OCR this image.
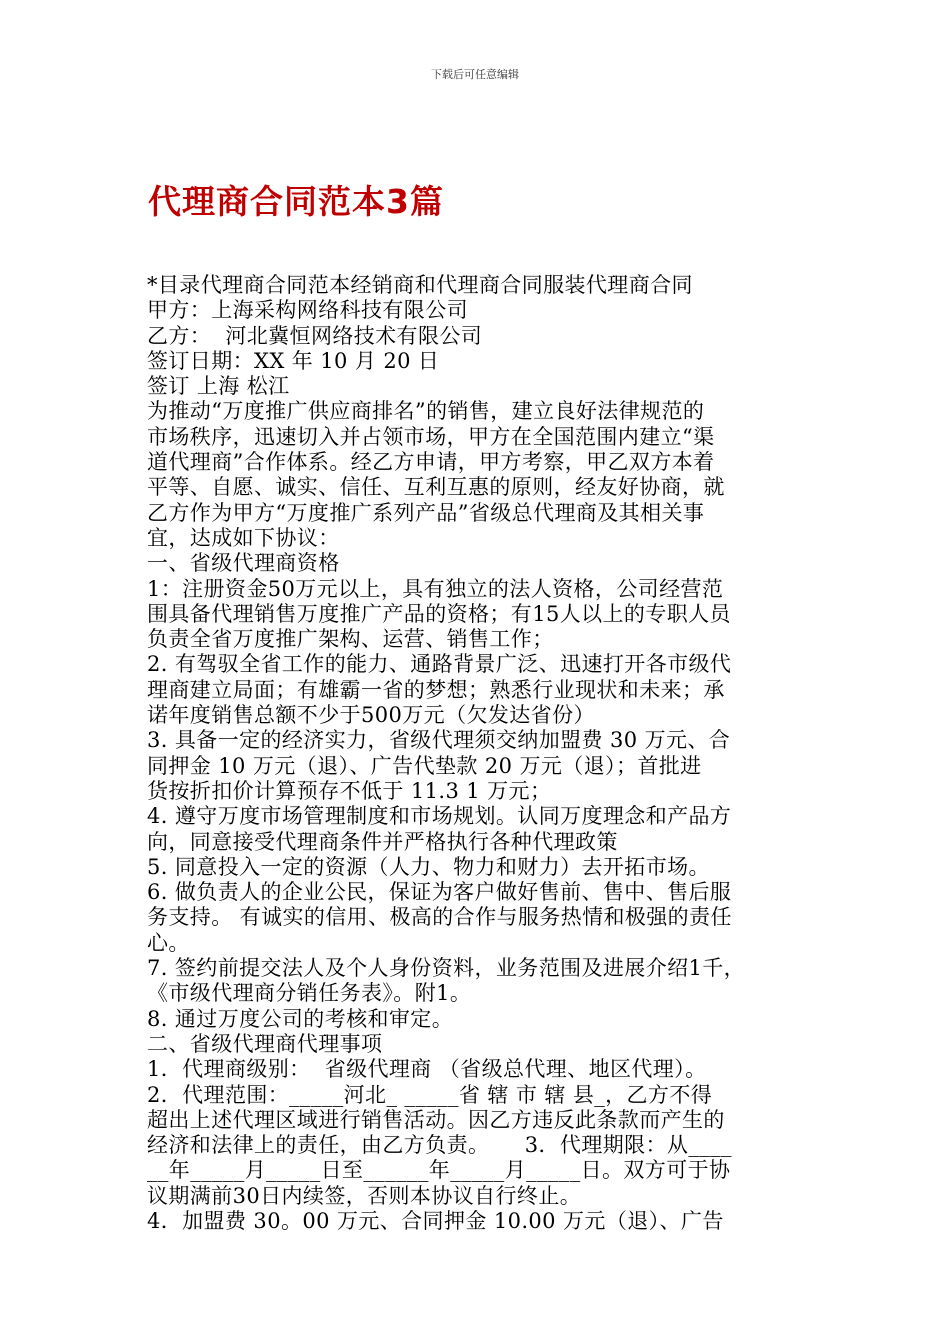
下载后可任意编辑
代理商合同范本3篇
*目录代理商合同范本经销商和代理商合同服装代理商合同
甲方：上海采构网络科技有限公司
乙方：  河北冀恒网络技术有限公司
签订日期：XX 年 10 月 20 日
签订 上海 松江
为推动“万度推广供应商排名”的销售，建立良好法律规范的
市场秩序，迅速切入并占领市场，甲方在全国范围内建立“渠
道代理商”合作体系。经乙方申请，甲方考察，甲乙双方本着
平等、自愿、诚实、信任、互利互惠的原则，经友好协商，就
乙方作为甲方“万度推广系列产品”省级总代理商及其相关事
宜，达成如下协议：
一、省级代理商资格
1：注册资金50万元以上，具有独立的法人资格，公司经营范
围具备代理销售万度推广产品的资格；有15人以上的专职人员
负责全省万度推广架构、运营、销售工作；
2. 有驾驭全省工作的能力、通路背景广泛、迅速打开各市级代
理商建立局面；有雄霸一省的梦想；熟悉行业现状和未来；承
诺年度销售总额不少于500万元（欠发达省份）
3. 具备一定的经济实力，省级代理须交纳加盟费 30 万元、合
同押金 10 万元（退）、广告代垫款 20 万元（退）；首批进
货按折扣价计算预存不低于 11.3 1 万元；
4. 遵守万度市场管理制度和市场规划。认同万度理念和产品方
向，同意接受代理商条件并严格执行各种代理政策
5. 同意投入一定的资源（人力、物力和财力）去开拓市场。
6. 做负责人的企业公民，保证为客户做好售前、售中、售后服
务支持。 有诚实的信用、极高的合作与服务热情和极强的责任
心。
7. 签约前提交法人及个人身份资料，业务范围及进展介绍1千，
《市级代理商分销任务表》。附1。
8. 通过万度公司的考核和审定。
二、省级代理商代理事项
1．代理商级别：  省级代理商 （省级总代理、地区代理）。
2．代理范围：_____河北_ _____省 辖 市 辖 县_，乙方不得
超出上述代理区域进行销售活动。因乙方违反此条款而产生的
经济和法律上的责任，由乙方负责。     3．代理期限：从____
__年_____月_____日至______年_____月_____日。双方可于协
议期满前30日内续签，否则本协议自行终止。
4．加盟费 30。00 万元、合同押金 10.00 万元（退）、广告
